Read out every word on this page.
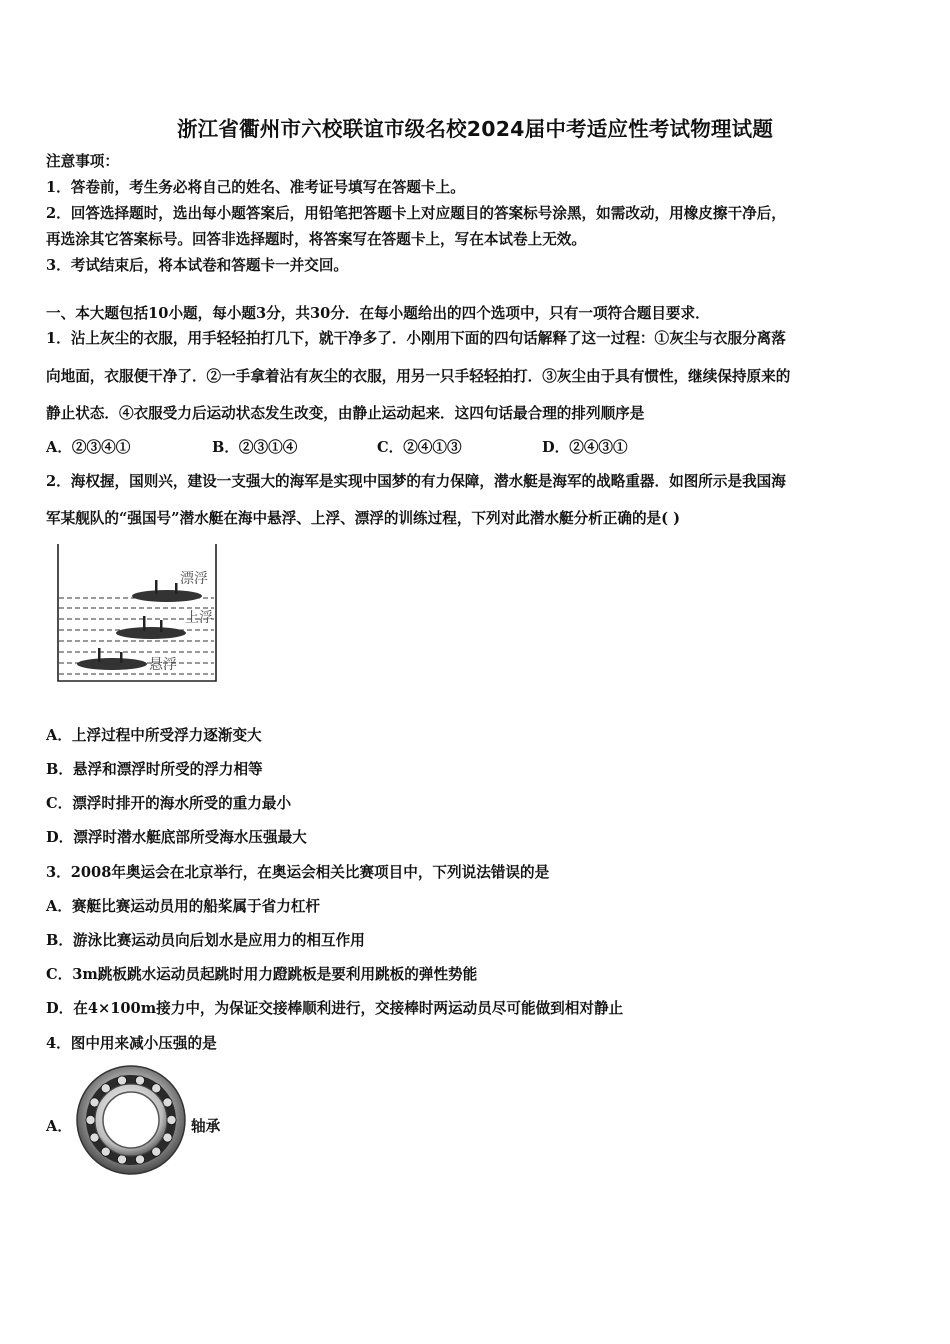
浙江省衢州市六校联谊市级名校2024届中考适应性考试物理试题
注意事项：
1．答卷前，考生务必将自己的姓名、准考证号填写在答题卡上。
2．回答选择题时，选出每小题答案后，用铅笔把答题卡上对应题目的答案标号涂黑，如需改动，用橡皮擦干净后，
再选涂其它答案标号。回答非选择题时，将答案写在答题卡上，写在本试卷上无效。
3．考试结束后，将本试卷和答题卡一并交回。
一、本大题包括10小题，每小题3分，共30分．在每小题给出的四个选项中，只有一项符合题目要求．
1．沾上灰尘的衣服，用手轻轻拍打几下，就干净多了．小刚用下面的四句话解释了这一过程：①灰尘与衣服分离落
向地面，衣服便干净了．②一手拿着沾有灰尘的衣服，用另一只手轻轻拍打．③灰尘由于具有惯性，继续保持原来的
静止状态．④衣服受力后运动状态发生改变，由静止运动起来．这四句话最合理的排列顺序是
A．②③④①	B．②③①④	C．②④①③	D．②④③①
2．海权握，国则兴，建设一支强大的海军是实现中国梦的有力保障，潜水艇是海军的战略重器．如图所示是我国海
军某舰队的“强国号”潜水艇在海中悬浮、上浮、漂浮的训练过程，下列对此潜水艇分析正确的是( )
漂浮
上浮
悬浮
A．上浮过程中所受浮力逐渐变大
B．悬浮和漂浮时所受的浮力相等
C．漂浮时排开的海水所受的重力最小
D．漂浮时潜水艇底部所受海水压强最大
3．2008年奥运会在北京举行，在奥运会相关比赛项目中，下列说法错误的是
A．赛艇比赛运动员用的船桨属于省力杠杆
B．游泳比赛运动员向后划水是应用力的相互作用
C．3m跳板跳水运动员起跳时用力蹬跳板是要利用跳板的弹性势能
D．在4×100m接力中，为保证交接棒顺利进行，交接棒时两运动员尽可能做到相对静止
4．图中用来减小压强的是
A．	轴承
